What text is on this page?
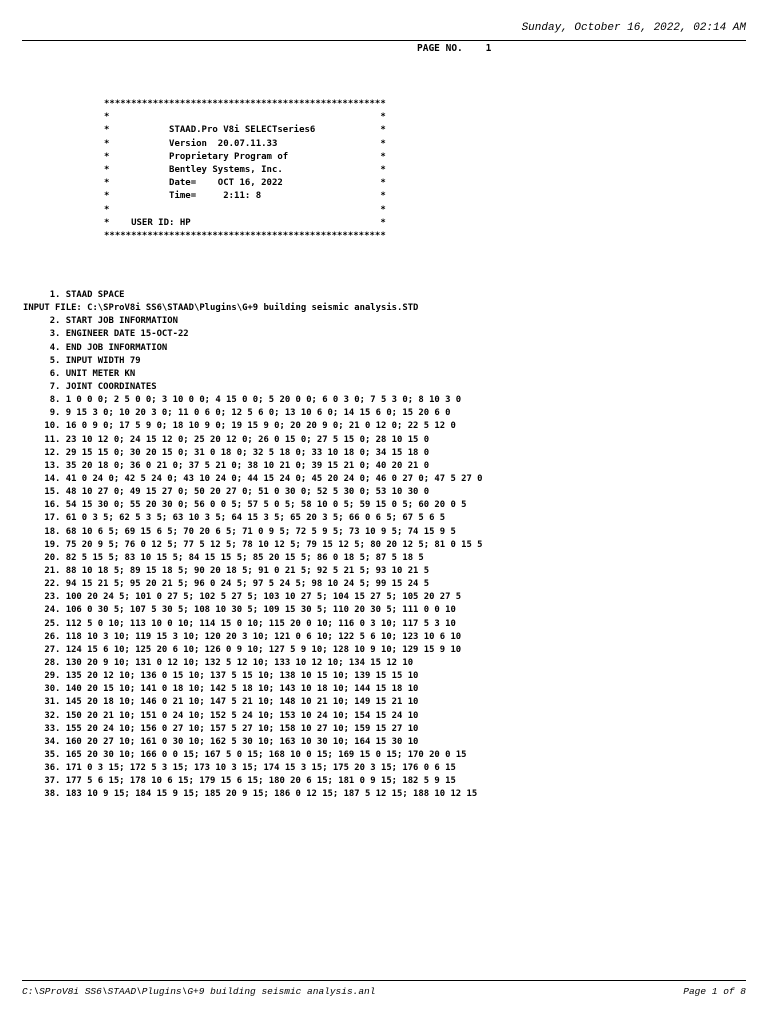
Sunday, October 16, 2022, 02:14 AM
PAGE NO.    1
****************************************************
*                                                  *
*           STAAD.Pro V8i SELECTseries6            *
*           Version  20.07.11.33                   *
*           Proprietary Program of                 *
*           Bentley Systems, Inc.                  *
*           Date=    OCT 16, 2022                  *
*           Time=     2:11: 8                      *
*                                                  *
*    USER ID: HP                                   *
****************************************************
1. STAAD SPACE
INPUT FILE: C:\SProV8i SS6\STAAD\Plugins\G+9 building seismic analysis.STD
2. START JOB INFORMATION
3. ENGINEER DATE 15-OCT-22
4. END JOB INFORMATION
5. INPUT WIDTH 79
6. UNIT METER KN
7. JOINT COORDINATES
8. 1 0 0 0; 2 5 0 0; 3 10 0 0; 4 15 0 0; 5 20 0 0; 6 0 3 0; 7 5 3 0; 8 10 3 0
9. 9 15 3 0; 10 20 3 0; 11 0 6 0; 12 5 6 0; 13 10 6 0; 14 15 6 0; 15 20 6 0
10. 16 0 9 0; 17 5 9 0; 18 10 9 0; 19 15 9 0; 20 20 9 0; 21 0 12 0; 22 5 12 0
11. 23 10 12 0; 24 15 12 0; 25 20 12 0; 26 0 15 0; 27 5 15 0; 28 10 15 0
12. 29 15 15 0; 30 20 15 0; 31 0 18 0; 32 5 18 0; 33 10 18 0; 34 15 18 0
13. 35 20 18 0; 36 0 21 0; 37 5 21 0; 38 10 21 0; 39 15 21 0; 40 20 21 0
14. 41 0 24 0; 42 5 24 0; 43 10 24 0; 44 15 24 0; 45 20 24 0; 46 0 27 0; 47 5 27 0
15. 48 10 27 0; 49 15 27 0; 50 20 27 0; 51 0 30 0; 52 5 30 0; 53 10 30 0
16. 54 15 30 0; 55 20 30 0; 56 0 0 5; 57 5 0 5; 58 10 0 5; 59 15 0 5; 60 20 0 5
17. 61 0 3 5; 62 5 3 5; 63 10 3 5; 64 15 3 5; 65 20 3 5; 66 0 6 5; 67 5 6 5
18. 68 10 6 5; 69 15 6 5; 70 20 6 5; 71 0 9 5; 72 5 9 5; 73 10 9 5; 74 15 9 5
19. 75 20 9 5; 76 0 12 5; 77 5 12 5; 78 10 12 5; 79 15 12 5; 80 20 12 5; 81 0 15 5
20. 82 5 15 5; 83 10 15 5; 84 15 15 5; 85 20 15 5; 86 0 18 5; 87 5 18 5
21. 88 10 18 5; 89 15 18 5; 90 20 18 5; 91 0 21 5; 92 5 21 5; 93 10 21 5
22. 94 15 21 5; 95 20 21 5; 96 0 24 5; 97 5 24 5; 98 10 24 5; 99 15 24 5
23. 100 20 24 5; 101 0 27 5; 102 5 27 5; 103 10 27 5; 104 15 27 5; 105 20 27 5
24. 106 0 30 5; 107 5 30 5; 108 10 30 5; 109 15 30 5; 110 20 30 5; 111 0 0 10
25. 112 5 0 10; 113 10 0 10; 114 15 0 10; 115 20 0 10; 116 0 3 10; 117 5 3 10
26. 118 10 3 10; 119 15 3 10; 120 20 3 10; 121 0 6 10; 122 5 6 10; 123 10 6 10
27. 124 15 6 10; 125 20 6 10; 126 0 9 10; 127 5 9 10; 128 10 9 10; 129 15 9 10
28. 130 20 9 10; 131 0 12 10; 132 5 12 10; 133 10 12 10; 134 15 12 10
29. 135 20 12 10; 136 0 15 10; 137 5 15 10; 138 10 15 10; 139 15 15 10
30. 140 20 15 10; 141 0 18 10; 142 5 18 10; 143 10 18 10; 144 15 18 10
31. 145 20 18 10; 146 0 21 10; 147 5 21 10; 148 10 21 10; 149 15 21 10
32. 150 20 21 10; 151 0 24 10; 152 5 24 10; 153 10 24 10; 154 15 24 10
33. 155 20 24 10; 156 0 27 10; 157 5 27 10; 158 10 27 10; 159 15 27 10
34. 160 20 27 10; 161 0 30 10; 162 5 30 10; 163 10 30 10; 164 15 30 10
35. 165 20 30 10; 166 0 0 15; 167 5 0 15; 168 10 0 15; 169 15 0 15; 170 20 0 15
36. 171 0 3 15; 172 5 3 15; 173 10 3 15; 174 15 3 15; 175 20 3 15; 176 0 6 15
37. 177 5 6 15; 178 10 6 15; 179 15 6 15; 180 20 6 15; 181 0 9 15; 182 5 9 15
38. 183 10 9 15; 184 15 9 15; 185 20 9 15; 186 0 12 15; 187 5 12 15; 188 10 12 15
C:\SProV8i SS6\STAAD\Plugins\G+9 building seismic analysis.anl	Page 1 of 8
